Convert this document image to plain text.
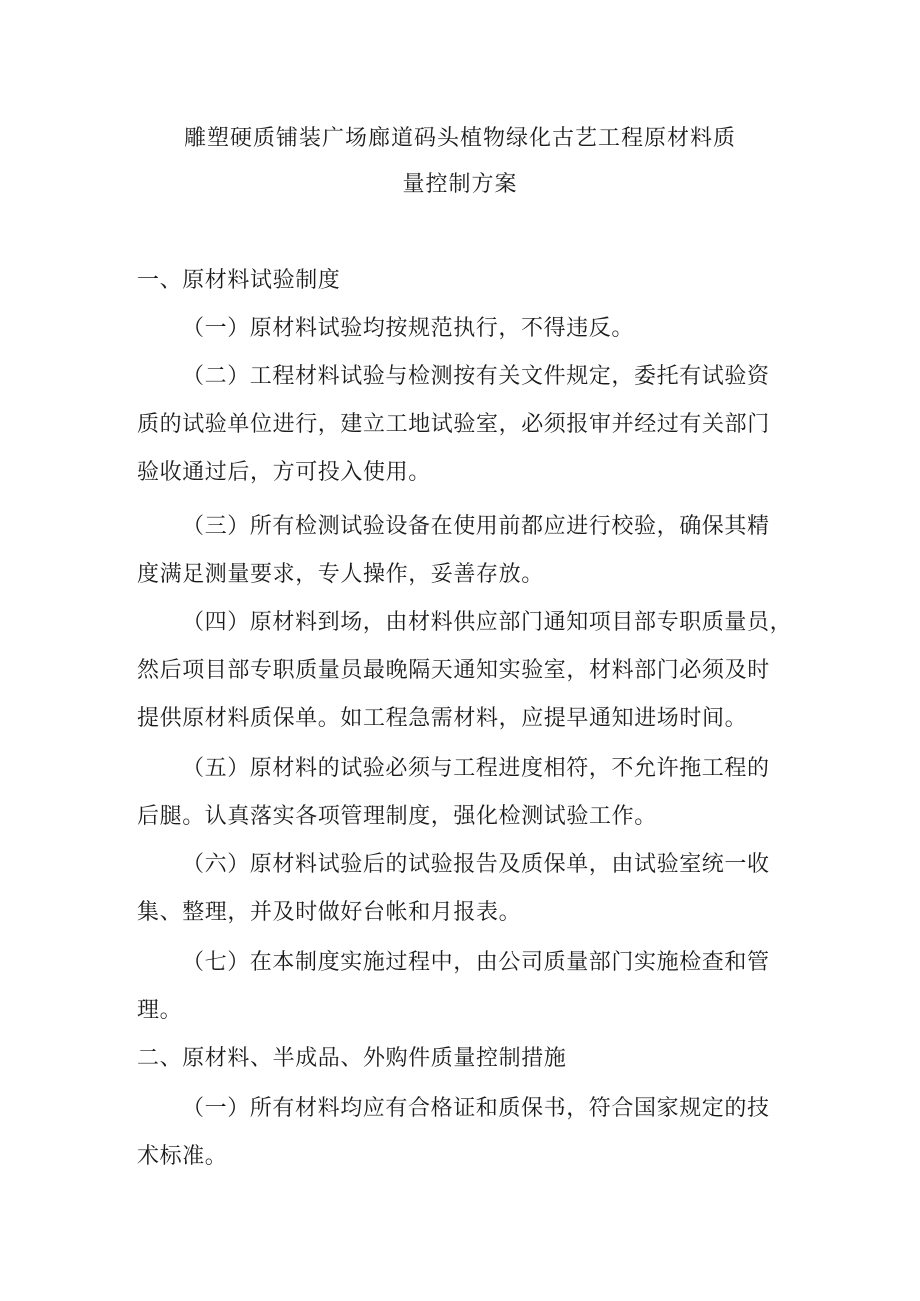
雕塑硬质铺装广场廊道码头植物绿化古艺工程原材料质
量控制方案
一、原材料试验制度
（一）原材料试验均按规范执行，不得违反。
（二）工程材料试验与检测按有关文件规定，委托有试验资
质的试验单位进行，建立工地试验室，必须报审并经过有关部门
验收通过后，方可投入使用。
（三）所有检测试验设备在使用前都应进行校验，确保其精
度满足测量要求，专人操作，妥善存放。
（四）原材料到场，由材料供应部门通知项目部专职质量员，
然后项目部专职质量员最晚隔天通知实验室，材料部门必须及时
提供原材料质保单。如工程急需材料，应提早通知进场时间。
（五）原材料的试验必须与工程进度相符，不允许拖工程的
后腿。认真落实各项管理制度，强化检测试验工作。
（六）原材料试验后的试验报告及质保单，由试验室统一收
集、整理，并及时做好台帐和月报表。
（七）在本制度实施过程中，由公司质量部门实施检查和管
理。
二、原材料、半成品、外购件质量控制措施
（一）所有材料均应有合格证和质保书，符合国家规定的技
术标准。
